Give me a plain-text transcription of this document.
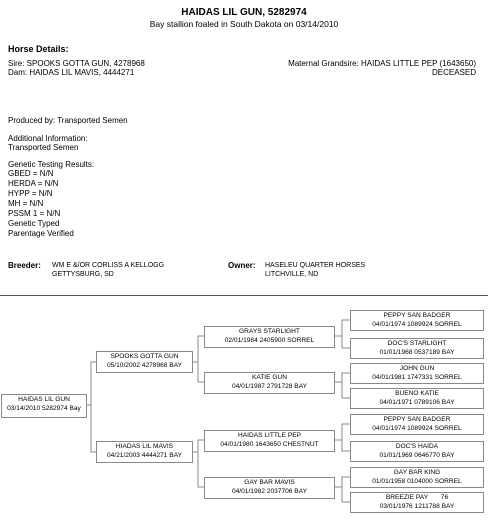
HAIDAS LIL GUN, 5282974
Bay stallion foaled in South Dakota on 03/14/2010
Horse Details:
Sire: SPOOKS GOTTA GUN, 4278968
Dam: HAIDAS LIL MAVIS, 4444271
Maternal Grandsire: HAIDAS LITTLE PEP (1643650)
DECEASED
Produced by: Transported Semen
Additional Information:
Transported Semen
Genetic Testing Results:
GBED = N/N
HERDA = N/N
HYPP = N/N
MH = N/N
PSSM 1 = N/N
Genetic Typed
Parentage Verified
Breeder: WM E &/OR CORLISS A KELLOGG
GETTYSBURG, SD
Owner: HASELEU QUARTER HORSES
LITCHVILLE, ND
HAIDAS LIL GUN
03/14/2010 5282974 Bay
SPOOKS GOTTA GUN
05/10/2002 4278968 BAY
HIADAS LIL MAVIS
04/21/2003 4444271 BAY
GRAYS STARLIGHT
02/01/1984 2405900 SORREL
KATIE GUN
04/01/1987 2791728 BAY
HAIDAS LITTLE PEP
04/01/1980 1643650 CHESTNUT
GAY BAR MAVIS
04/01/1982 2037706 BAY
PEPPY SAN BADGER
04/01/1974 1089924 SORREL
DOC'S STARLIGHT
01/01/1968 0537189 BAY
JOHN GUN
04/01/1981 1747331 SORREL
BUENO KATIE
04/01/1971 0789106 BAY
PEPPY SAN BADGER
04/01/1974 1089924 SORREL
DOC'S HAIDA
01/01/1969 0646770 BAY
GAY BAR KING
01/01/1958 0104000 SORREL
BREEZIE PAY       76
03/01/1976 1211788 BAY
